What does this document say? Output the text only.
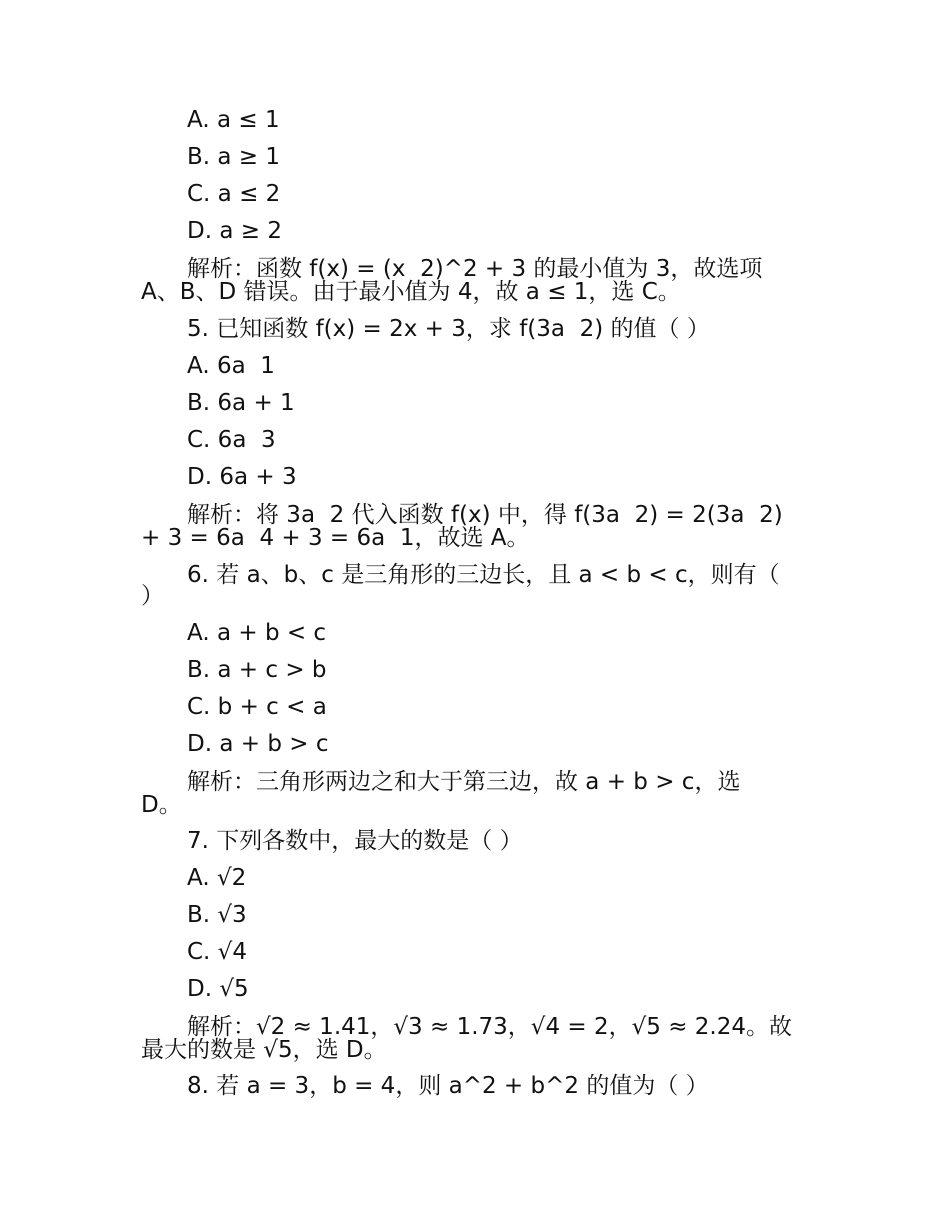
A. a ≤ 1
B. a ≥ 1
C. a ≤ 2
D. a ≥ 2
解析：函数 f(x) = (x  2)^2 + 3 的最小值为 3，故选项
A、B、D 错误。由于最小值为 4，故 a ≤ 1，选 C。
5. 已知函数 f(x) = 2x + 3，求 f(3a  2) 的值（ ）
A. 6a  1
B. 6a + 1
C. 6a  3
D. 6a + 3
解析：将 3a  2 代入函数 f(x) 中，得 f(3a  2) = 2(3a  2)
+ 3 = 6a  4 + 3 = 6a  1，故选 A。
6. 若 a、b、c 是三角形的三边长，且 a < b < c，则有（
）
A. a + b < c
B. a + c > b
C. b + c < a
D. a + b > c
解析：三角形两边之和大于第三边，故 a + b > c，选
D。
7. 下列各数中，最大的数是（ ）
A. √2
B. √3
C. √4
D. √5
解析：√2 ≈ 1.41，√3 ≈ 1.73，√4 = 2，√5 ≈ 2.24。故
最大的数是 √5，选 D。
8. 若 a = 3，b = 4，则 a^2 + b^2 的值为（ ）
